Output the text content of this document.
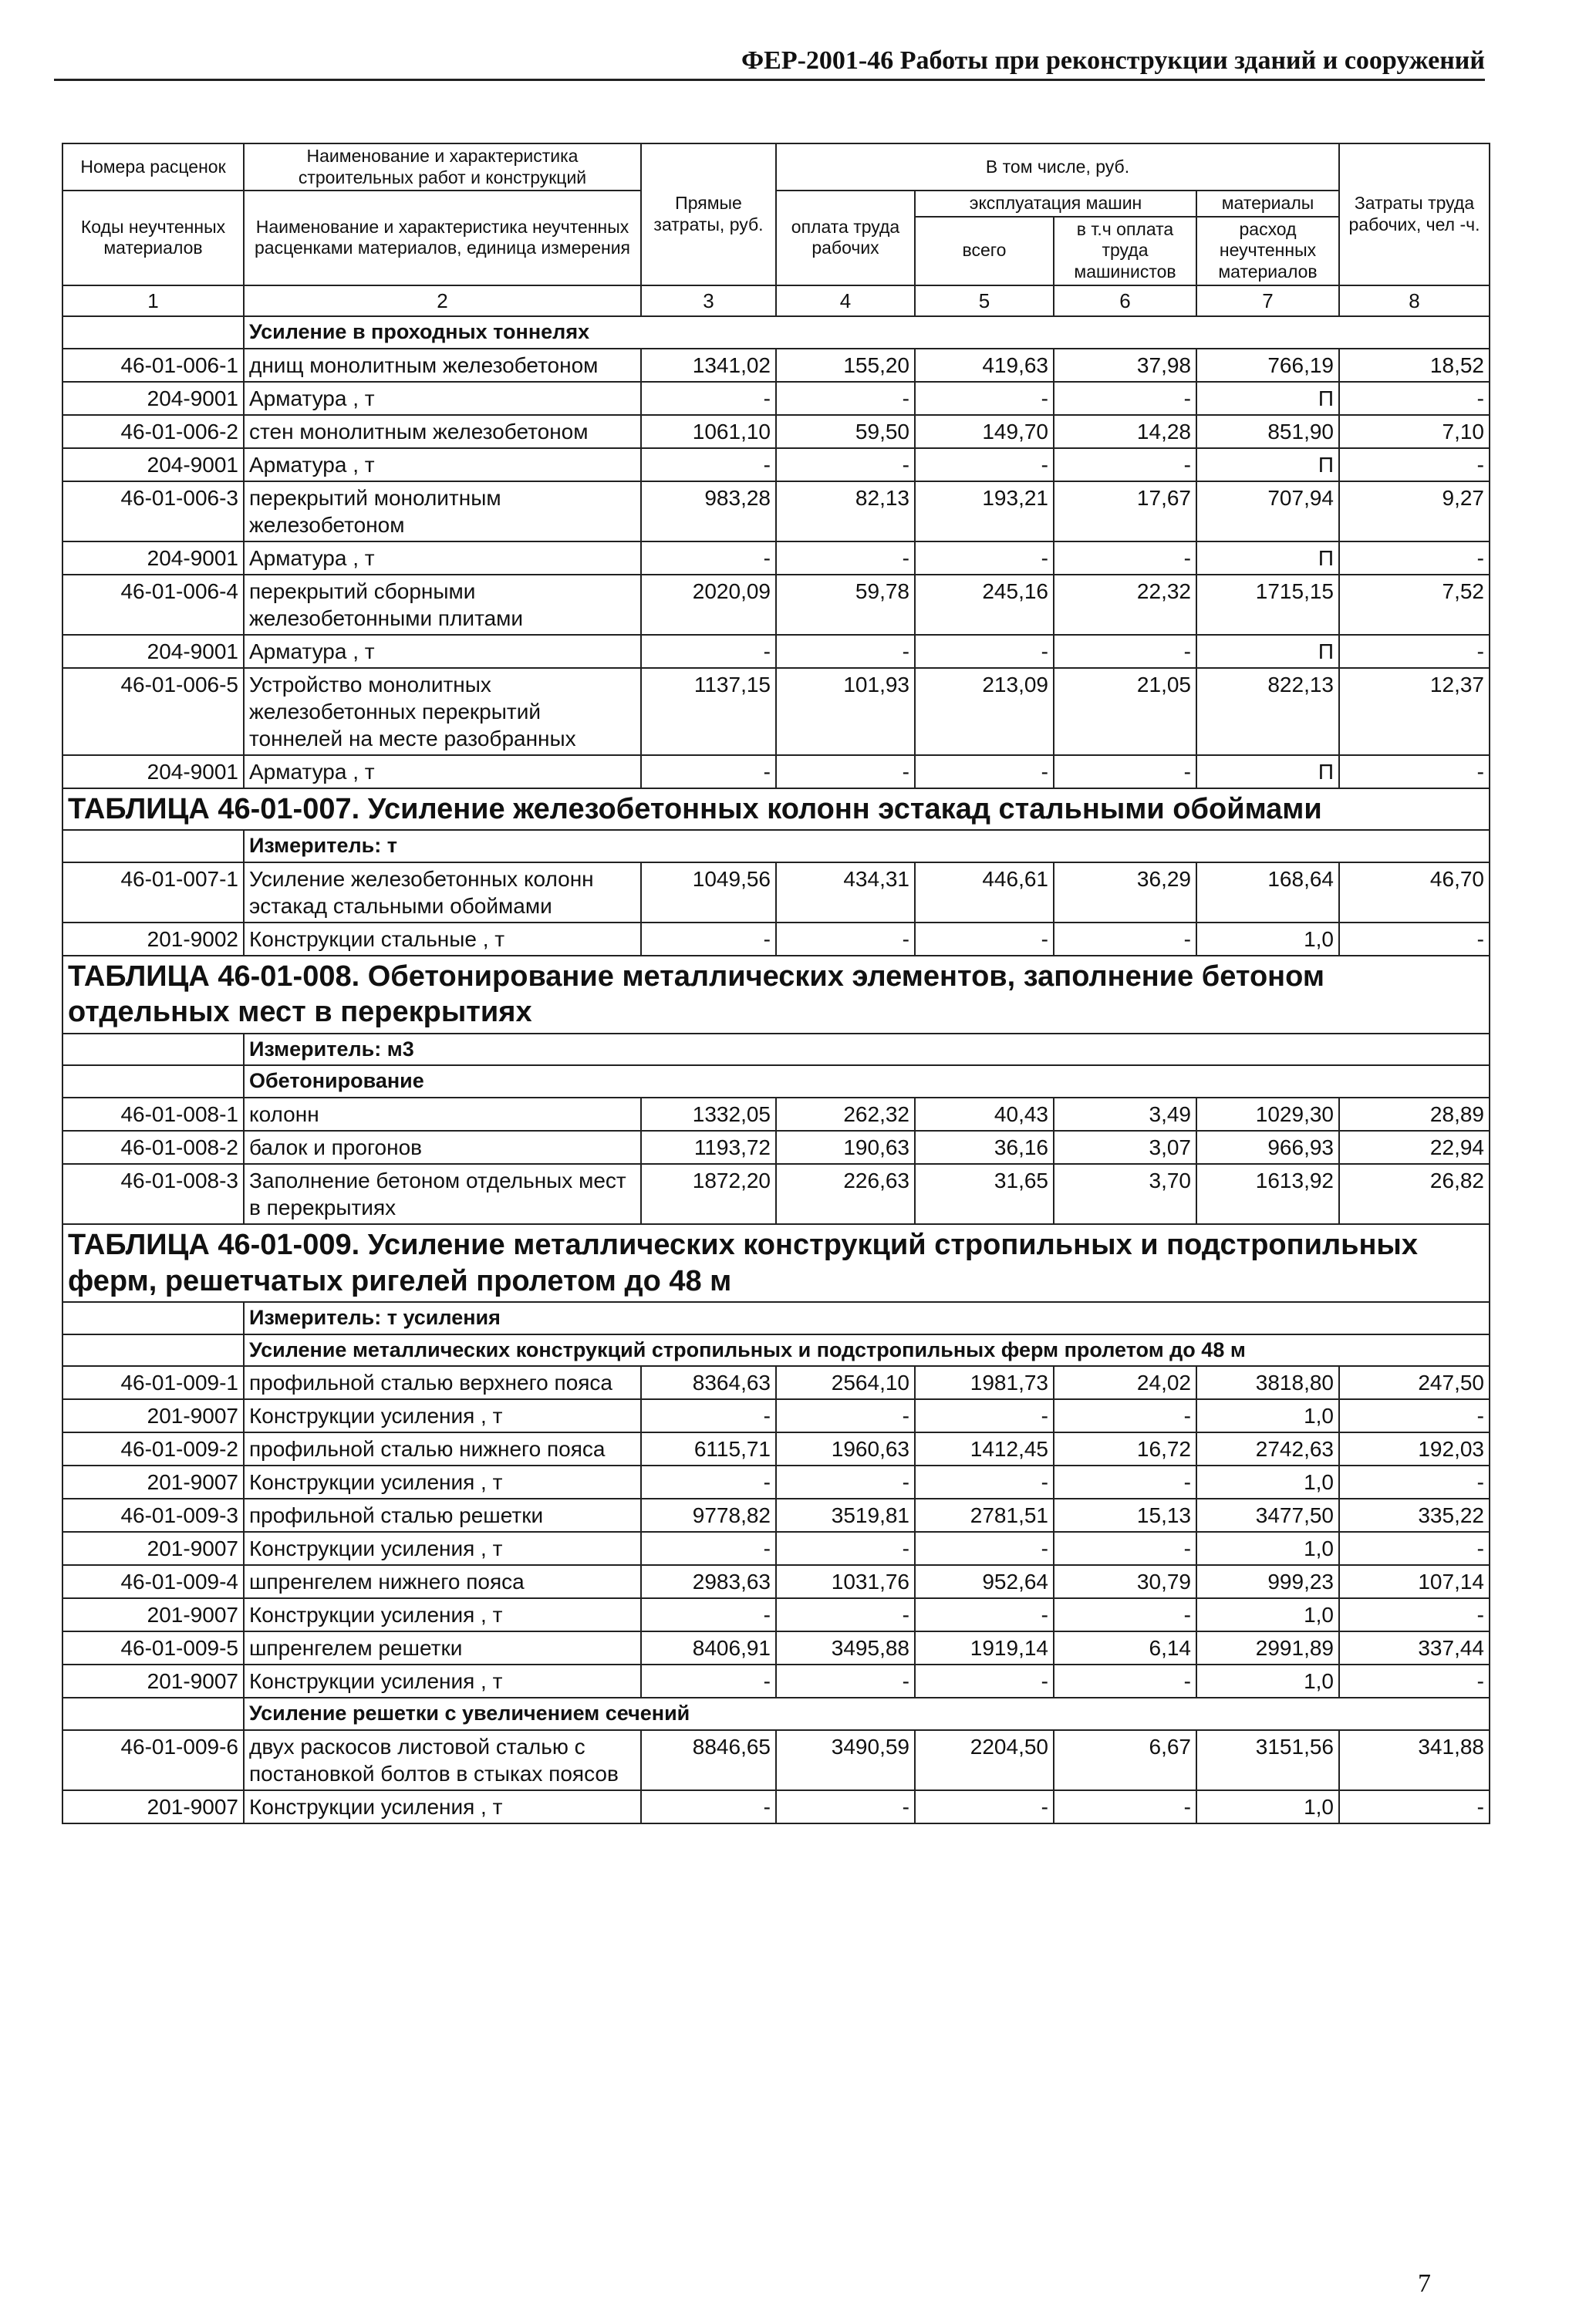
ФЕР-2001-46 Работы при реконструкции зданий и сооружений
Номера расценок	Наименование и характеристика строительных работ и конструкций	Прямые затраты, руб.	В том числе, руб.				Затраты труда рабочих, чел -ч.
Коды неучтенных материалов	Наименование и характеристика неучтенных расценками материалов, единица измерения		оплата труда рабочих	эксплуатация машин		материалы	
				всего	в т.ч оплата труда машинистов	расход неучтенных материалов	
1	2	3	4	5	6	7	8
	Усиление в проходных тоннелях						
46-01-006-1	днищ монолитным железобетоном	1341,02	155,20	419,63	37,98	766,19	18,52
204-9001	Арматура , т	-	-	-	-	П	-
46-01-006-2	стен монолитным железобетоном	1061,10	59,50	149,70	14,28	851,90	7,10
204-9001	Арматура , т	-	-	-	-	П	-
46-01-006-3	перекрытий монолитным железобетоном	983,28	82,13	193,21	17,67	707,94	9,27
204-9001	Арматура , т	-	-	-	-	П	-
46-01-006-4	перекрытий сборными железобетонными плитами	2020,09	59,78	245,16	22,32	1715,15	7,52
204-9001	Арматура , т	-	-	-	-	П	-
46-01-006-5	Устройство монолитных железобетонных перекрытий тоннелей на месте разобранных	1137,15	101,93	213,09	21,05	822,13	12,37
204-9001	Арматура , т	-	-	-	-	П	-
ТАБЛИЦА 46-01-007. Усиление железобетонных колонн эстакад стальными обоймами							
	Измеритель: т						
46-01-007-1	Усиление железобетонных колонн эстакад стальными обоймами	1049,56	434,31	446,61	36,29	168,64	46,70
201-9002	Конструкции стальные , т	-	-	-	-	1,0	-
ТАБЛИЦА 46-01-008. Обетонирование металлических элементов, заполнение бетоном отдельных мест в перекрытиях							
	Измеритель: м3						
	Обетонирование						
46-01-008-1	колонн	1332,05	262,32	40,43	3,49	1029,30	28,89
46-01-008-2	балок и прогонов	1193,72	190,63	36,16	3,07	966,93	22,94
46-01-008-3	Заполнение бетоном отдельных мест в перекрытиях	1872,20	226,63	31,65	3,70	1613,92	26,82
ТАБЛИЦА 46-01-009. Усиление металлических конструкций стропильных и подстропильных ферм, решетчатых ригелей пролетом до 48 м							
	Измеритель: т усиления						
	Усиление металлических конструкций стропильных и подстропильных ферм пролетом до 48 м						
46-01-009-1	профильной сталью верхнего пояса	8364,63	2564,10	1981,73	24,02	3818,80	247,50
201-9007	Конструкции усиления , т	-	-	-	-	1,0	-
46-01-009-2	профильной сталью нижнего пояса	6115,71	1960,63	1412,45	16,72	2742,63	192,03
201-9007	Конструкции усиления , т	-	-	-	-	1,0	-
46-01-009-3	профильной сталью решетки	9778,82	3519,81	2781,51	15,13	3477,50	335,22
201-9007	Конструкции усиления , т	-	-	-	-	1,0	-
46-01-009-4	шпренгелем нижнего пояса	2983,63	1031,76	952,64	30,79	999,23	107,14
201-9007	Конструкции усиления , т	-	-	-	-	1,0	-
46-01-009-5	шпренгелем решетки	8406,91	3495,88	1919,14	6,14	2991,89	337,44
201-9007	Конструкции усиления , т	-	-	-	-	1,0	-
	Усиление решетки с увеличением сечений						
46-01-009-6	двух раскосов листовой сталью с постановкой болтов в стыках поясов	8846,65	3490,59	2204,50	6,67	3151,56	341,88
201-9007	Конструкции усиления , т	-	-	-	-	1,0	-
7
